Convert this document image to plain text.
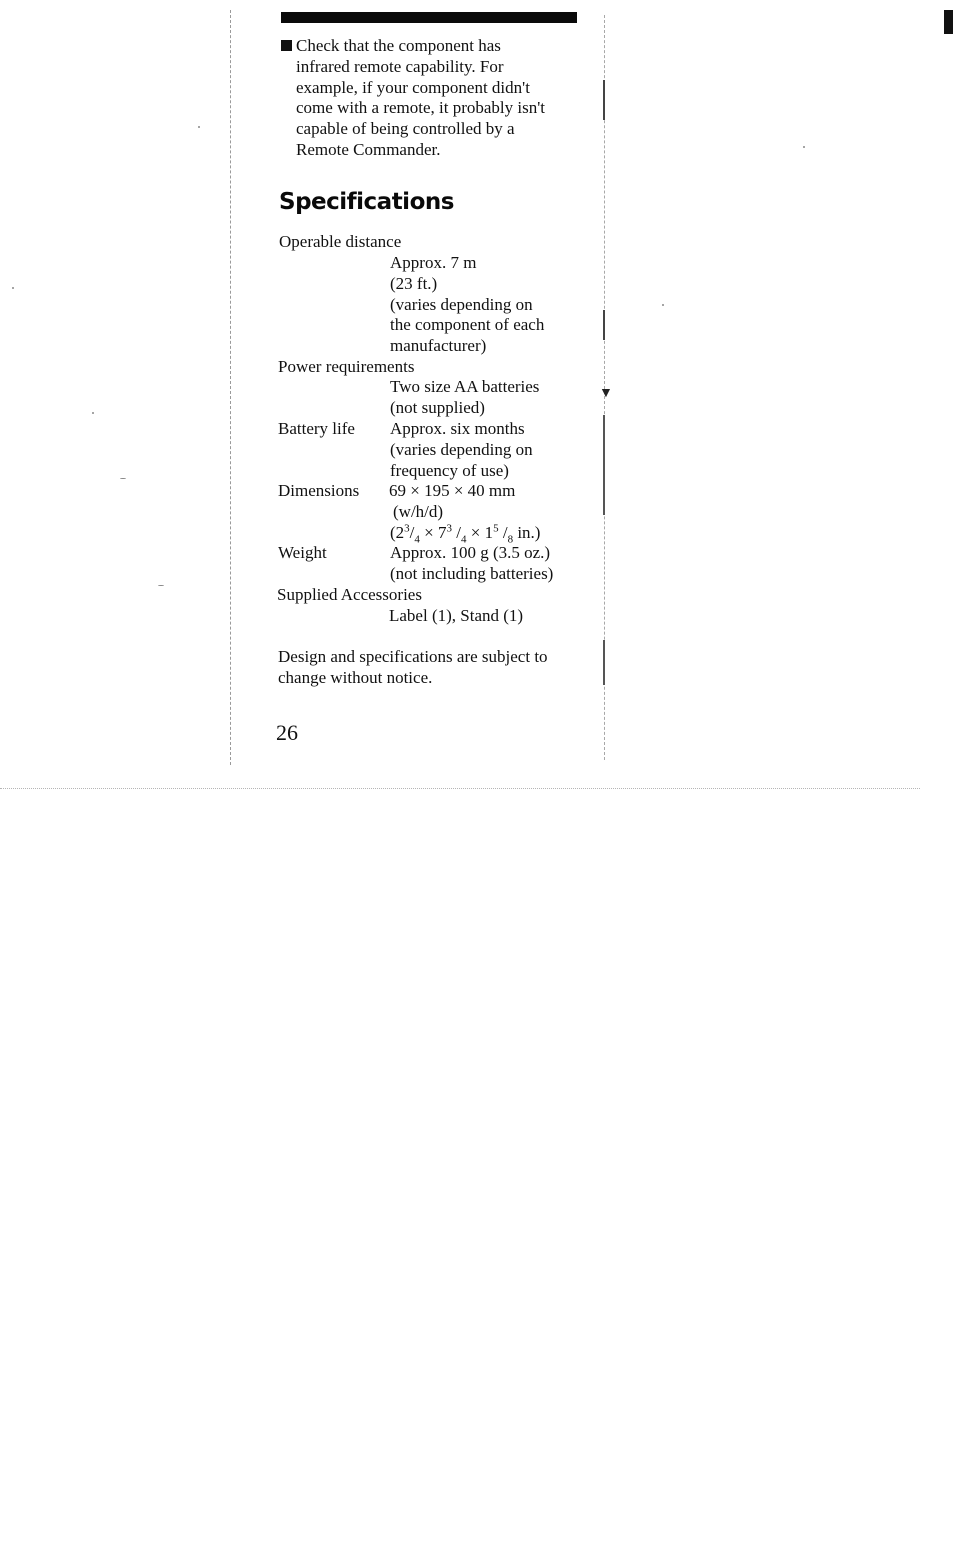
▼
Check that the component has
infrared remote capability. For
example, if your component didn't
come with a remote, it probably isn't
capable of being controlled by a
Remote Commander.
Specifications
Operable distance
Approx. 7 m
(23 ft.)
(varies depending on
the component of each
manufacturer)
Power requirements
Two size AA batteries
(not supplied)
Battery life Approx. six months
(varies depending on
frequency of use)
Dimensions 69 × 195 × 40 mm
(w/h/d)
($2^3/_4 \times 7^3$ $/_4 \times 1^5$ $/_8$ in.)
Weight	Approx. 100 g (3.5 oz.)
(not including batteries)
Supplied Accessories
Label (1), Stand (1)
Design and specifications are subject to
change without notice.
26
